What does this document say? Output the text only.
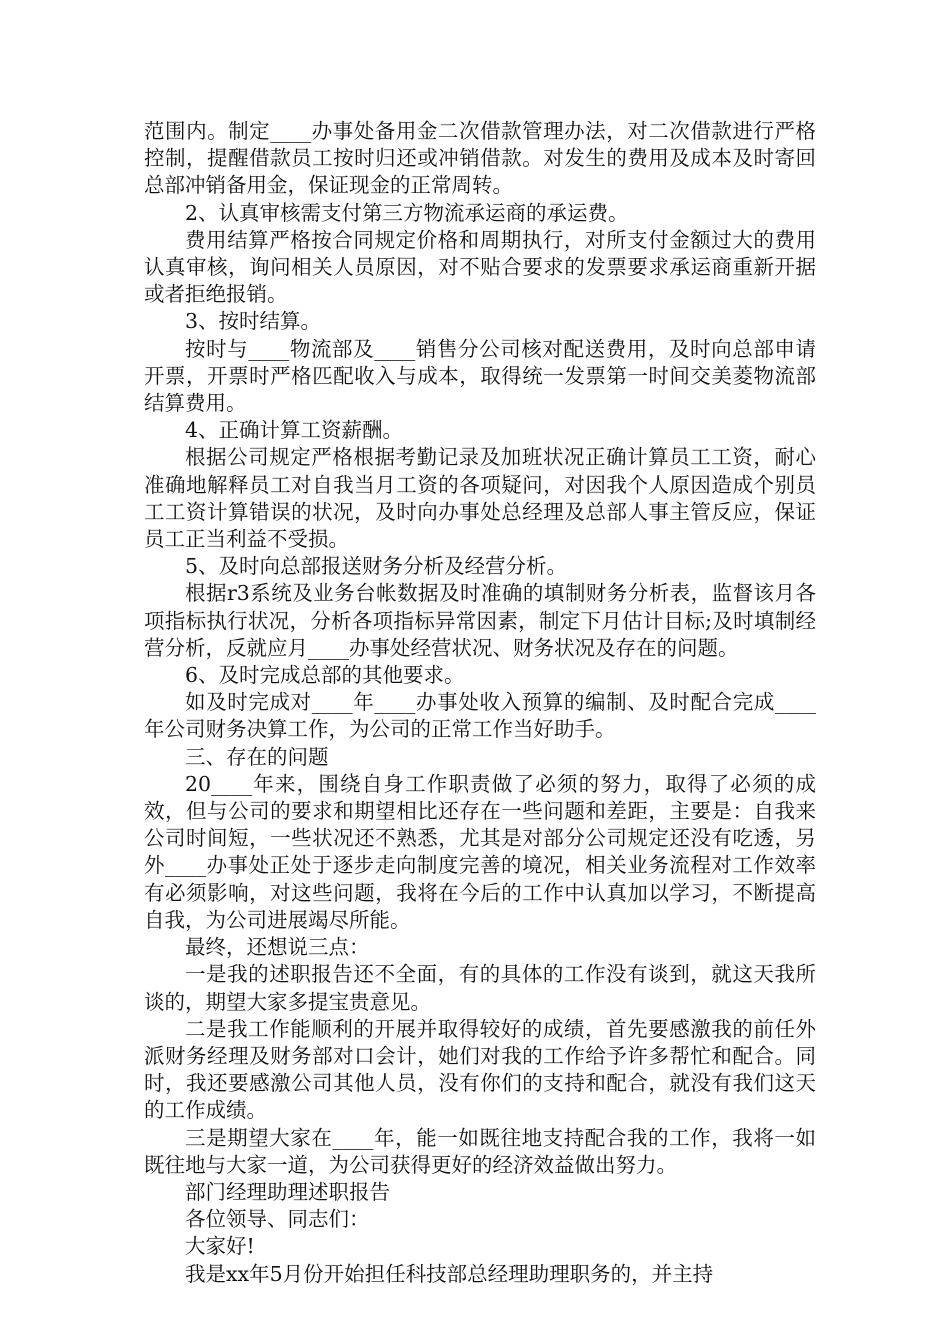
范围内。制定____办事处备用金二次借款管理办法，对二次借款进行严格控制，提醒借款员工按时归还或冲销借款。对发生的费用及成本及时寄回总部冲销备用金，保证现金的正常周转。

2、认真审核需支付第三方物流承运商的承运费。

费用结算严格按合同规定价格和周期执行，对所支付金额过大的费用认真审核，询问相关人员原因，对不贴合要求的发票要求承运商重新开据或者拒绝报销。

3、按时结算。

按时与____物流部及____销售分公司核对配送费用，及时向总部申请开票，开票时严格匹配收入与成本，取得统一发票第一时间交美菱物流部结算费用。

4、正确计算工资薪酬。

根据公司规定严格根据考勤记录及加班状况正确计算员工工资，耐心准确地解释员工对自我当月工资的各项疑问，对因我个人原因造成个别员工工资计算错误的状况，及时向办事处总经理及总部人事主管反应，保证员工正当利益不受损。

5、及时向总部报送财务分析及经营分析。

根据r3系统及业务台帐数据及时准确的填制财务分析表，监督该月各项指标执行状况，分析各项指标异常因素，制定下月估计目标;及时填制经营分析，反就应月____办事处经营状况、财务状况及存在的问题。

6、及时完成总部的其他要求。

如及时完成对____年____办事处收入预算的编制、及时配合完成____年公司财务决算工作，为公司的正常工作当好助手。

三、存在的问题

20____年来，围绕自身工作职责做了必须的努力，取得了必须的成效，但与公司的要求和期望相比还存在一些问题和差距，主要是：自我来公司时间短，一些状况还不熟悉，尤其是对部分公司规定还没有吃透，另外____办事处正处于逐步走向制度完善的境况，相关业务流程对工作效率有必须影响，对这些问题，我将在今后的工作中认真加以学习，不断提高自我，为公司进展竭尽所能。

最终，还想说三点：

一是我的述职报告还不全面，有的具体的工作没有谈到，就这天我所谈的，期望大家多提宝贵意见。

二是我工作能顺利的开展并取得较好的成绩，首先要感激我的前任外派财务经理及财务部对口会计，她们对我的工作给予许多帮忙和配合。同时，我还要感激公司其他人员，没有你们的支持和配合，就没有我们这天的工作成绩。

三是期望大家在____年，能一如既往地支持配合我的工作，我将一如既往地与大家一道，为公司获得更好的经济效益做出努力。

部门经理助理述职报告

各位领导、同志们：

大家好!

我是xx年5月份开始担任科技部总经理助理职务的，并主持
